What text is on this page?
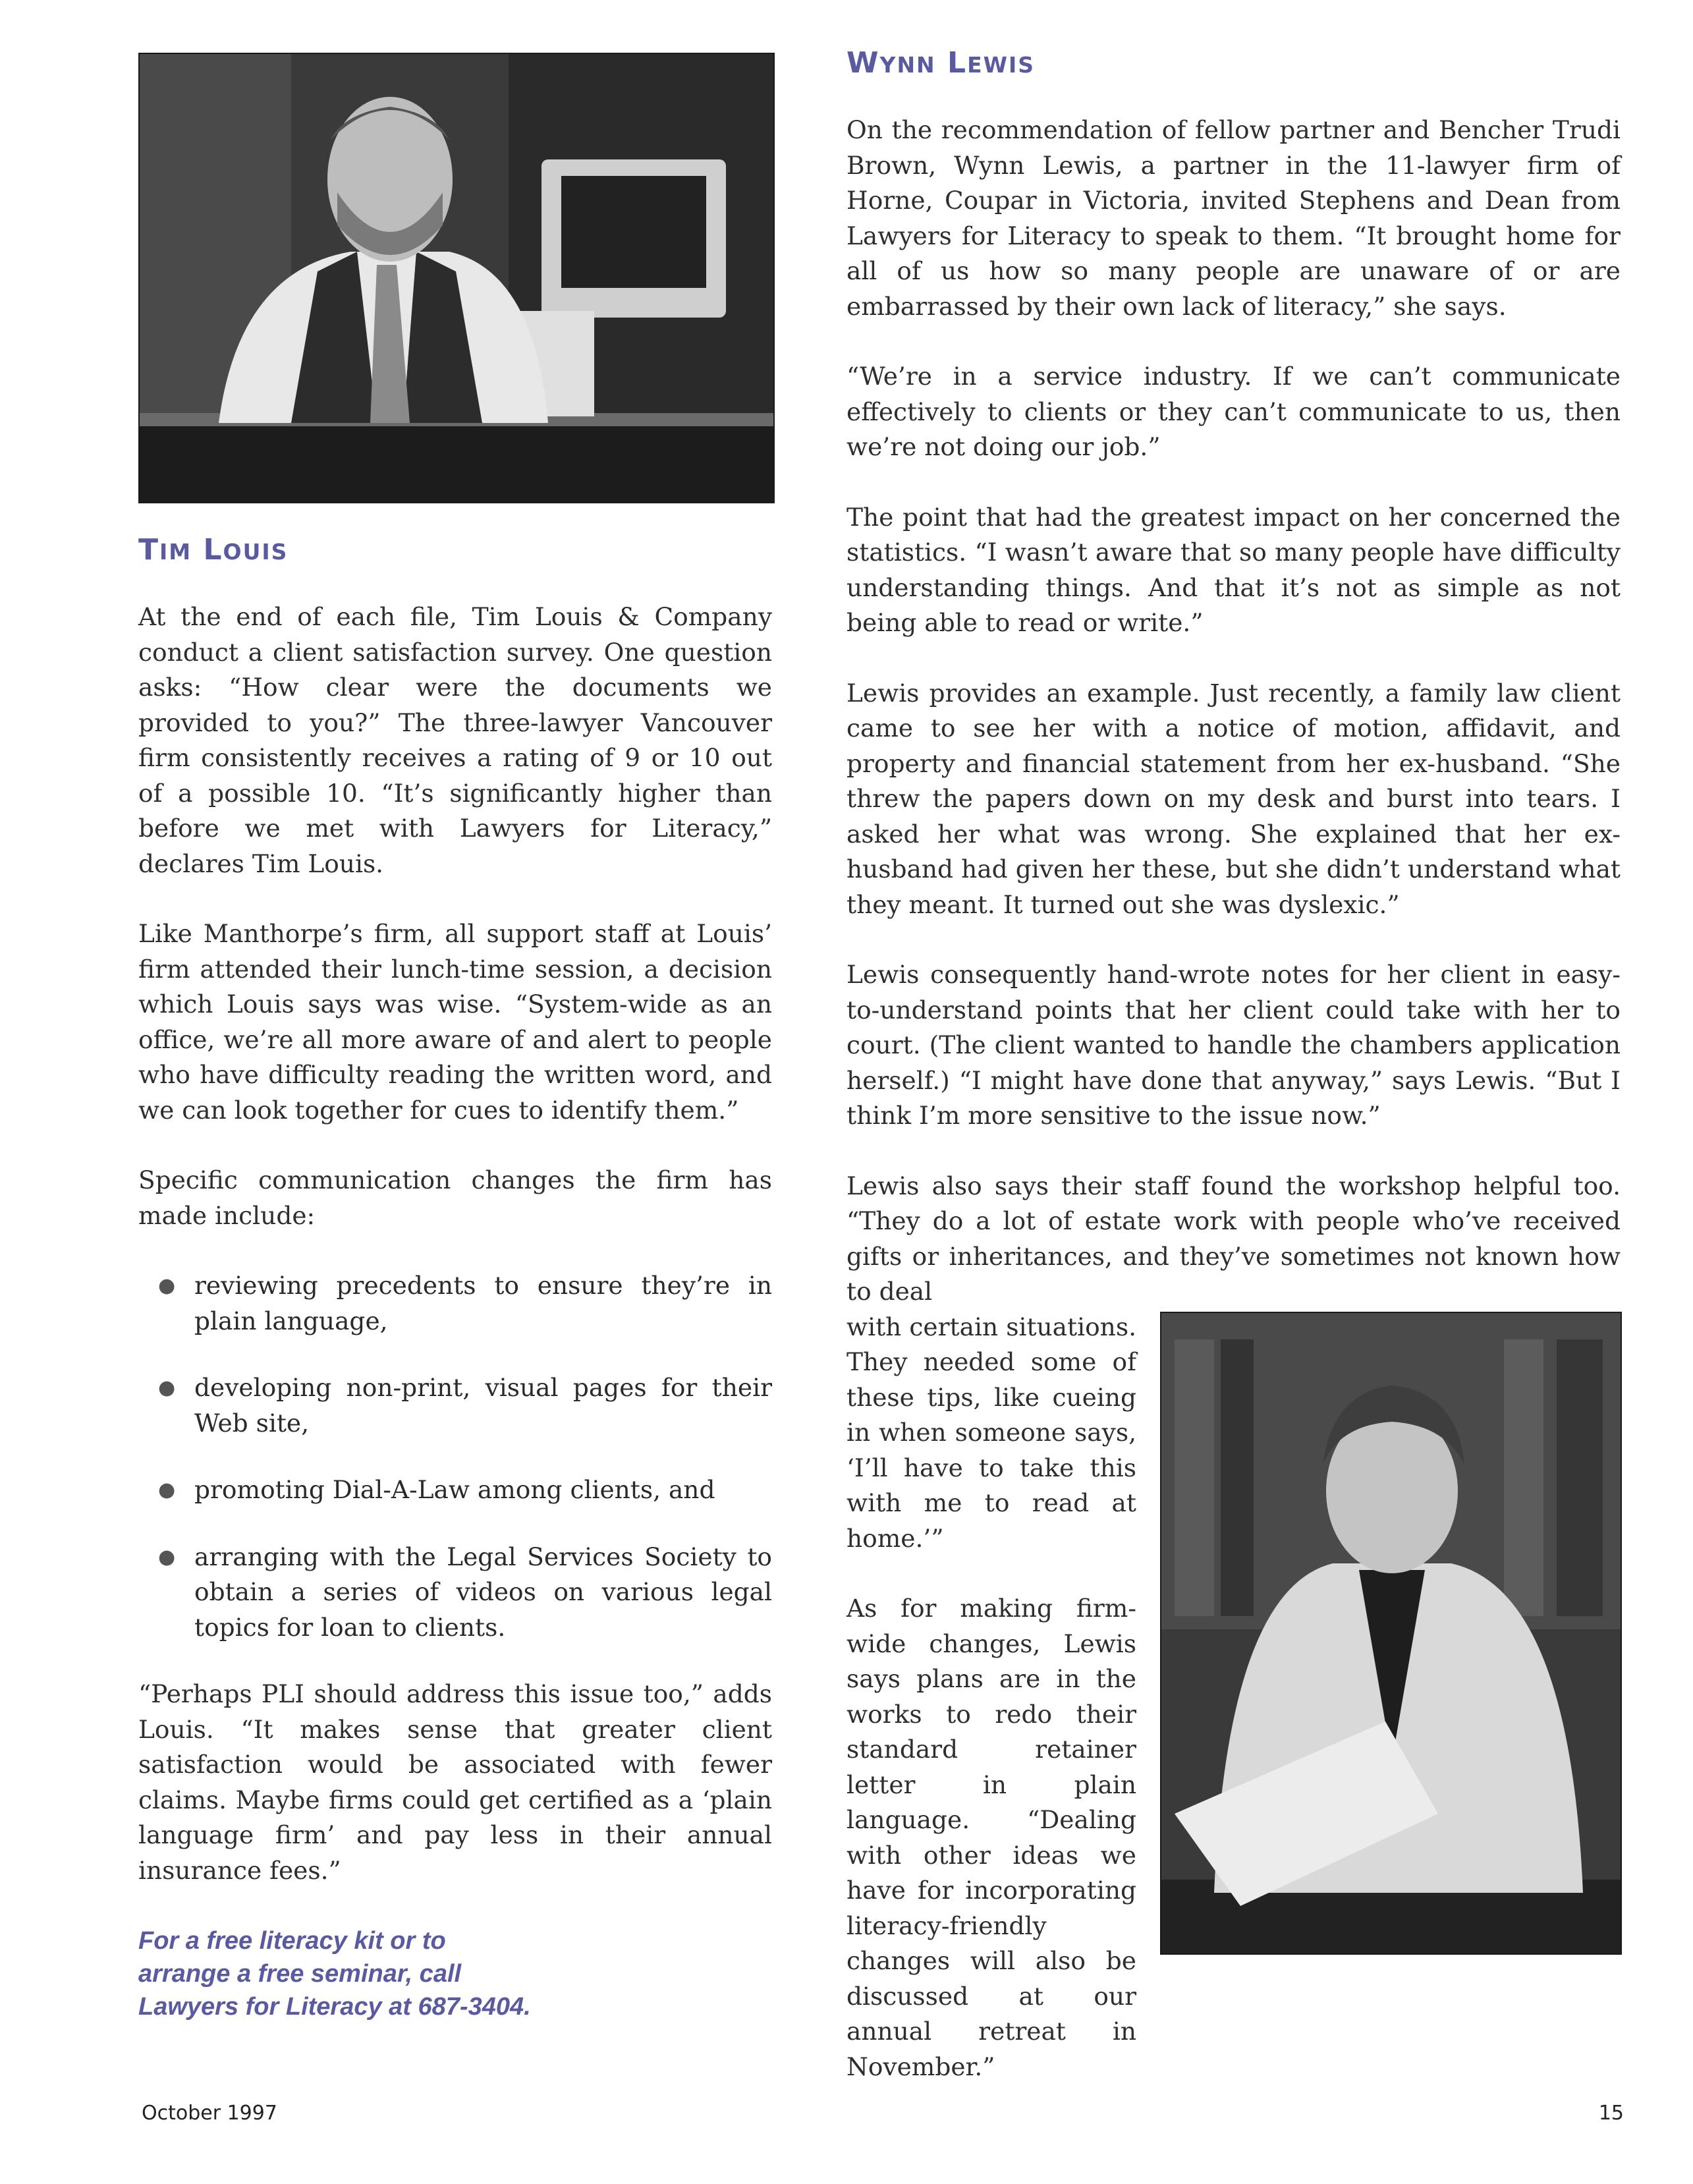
TIM LOUIS

At the end of each file, Tim Louis & Company conduct a client satisfaction survey. One question asks: “How clear were the documents we provided to you?” The three-lawyer Vancouver firm consistently receives a rating of 9 or 10 out of a possible 10. “It’s significantly higher than before we met with Lawyers for Literacy,” declares Tim Louis.

Like Manthorpe’s firm, all support staff at Louis’ firm attended their lunch-time session, a decision which Louis says was wise. “System-wide as an office, we’re all more aware of and alert to people who have difficulty reading the written word, and we can look together for cues to identify them.”

Specific communication changes the firm has made include:

● reviewing precedents to ensure they’re in plain language,
● developing non-print, visual pages for their Web site,
● promoting Dial-A-Law among clients, and
● arranging with the Legal Services Society to obtain a series of videos on various legal topics for loan to clients.

“Perhaps PLI should address this issue too,” adds Louis. “It makes sense that greater client satisfaction would be associated with fewer claims. Maybe firms could get certified as a ‘plain language firm’ and pay less in their annual insurance fees.”

For a free literacy kit or to
arrange a free seminar, call
Lawyers for Literacy at 687-3404.
WYNN LEWIS

On the recommendation of fellow partner and Bencher Trudi Brown, Wynn Lewis, a partner in the 11-lawyer firm of Horne, Coupar in Victoria, invited Stephens and Dean from Lawyers for Literacy to speak to them. “It brought home for all of us how so many people are unaware of or are embarrassed by their own lack of literacy,” she says.

“We’re in a service industry. If we can’t communicate effectively to clients or they can’t communicate to us, then we’re not doing our job.”

The point that had the greatest impact on her concerned the statistics. “I wasn’t aware that so many people have difficulty understanding things. And that it’s not as simple as not being able to read or write.”

Lewis provides an example. Just recently, a family law client came to see her with a notice of motion, affidavit, and property and financial statement from her ex-husband. “She threw the papers down on my desk and burst into tears. I asked her what was wrong. She explained that her ex-husband had given her these, but she didn’t understand what they meant. It turned out she was dyslexic.”

Lewis consequently hand-wrote notes for her client in easy-to-understand points that her client could take with her to court. (The client wanted to handle the chambers application herself.) “I might have done that anyway,” says Lewis. “But I think I’m more sensitive to the issue now.”

Lewis also says their staff found the workshop helpful too. “They do a lot of estate work with people who’ve received gifts or inheritances, and they’ve sometimes not known how to deal

with certain situations. They needed some of these tips, like cueing in when someone says, ‘I’ll have to take this with me to read at home.’”

As for making firm-wide changes, Lewis says plans are in the works to redo their standard retainer letter in plain language. “Dealing with other ideas we have for incorporating literacy-friendly changes will also be discussed at our annual retreat in November.”

October 1997	15
